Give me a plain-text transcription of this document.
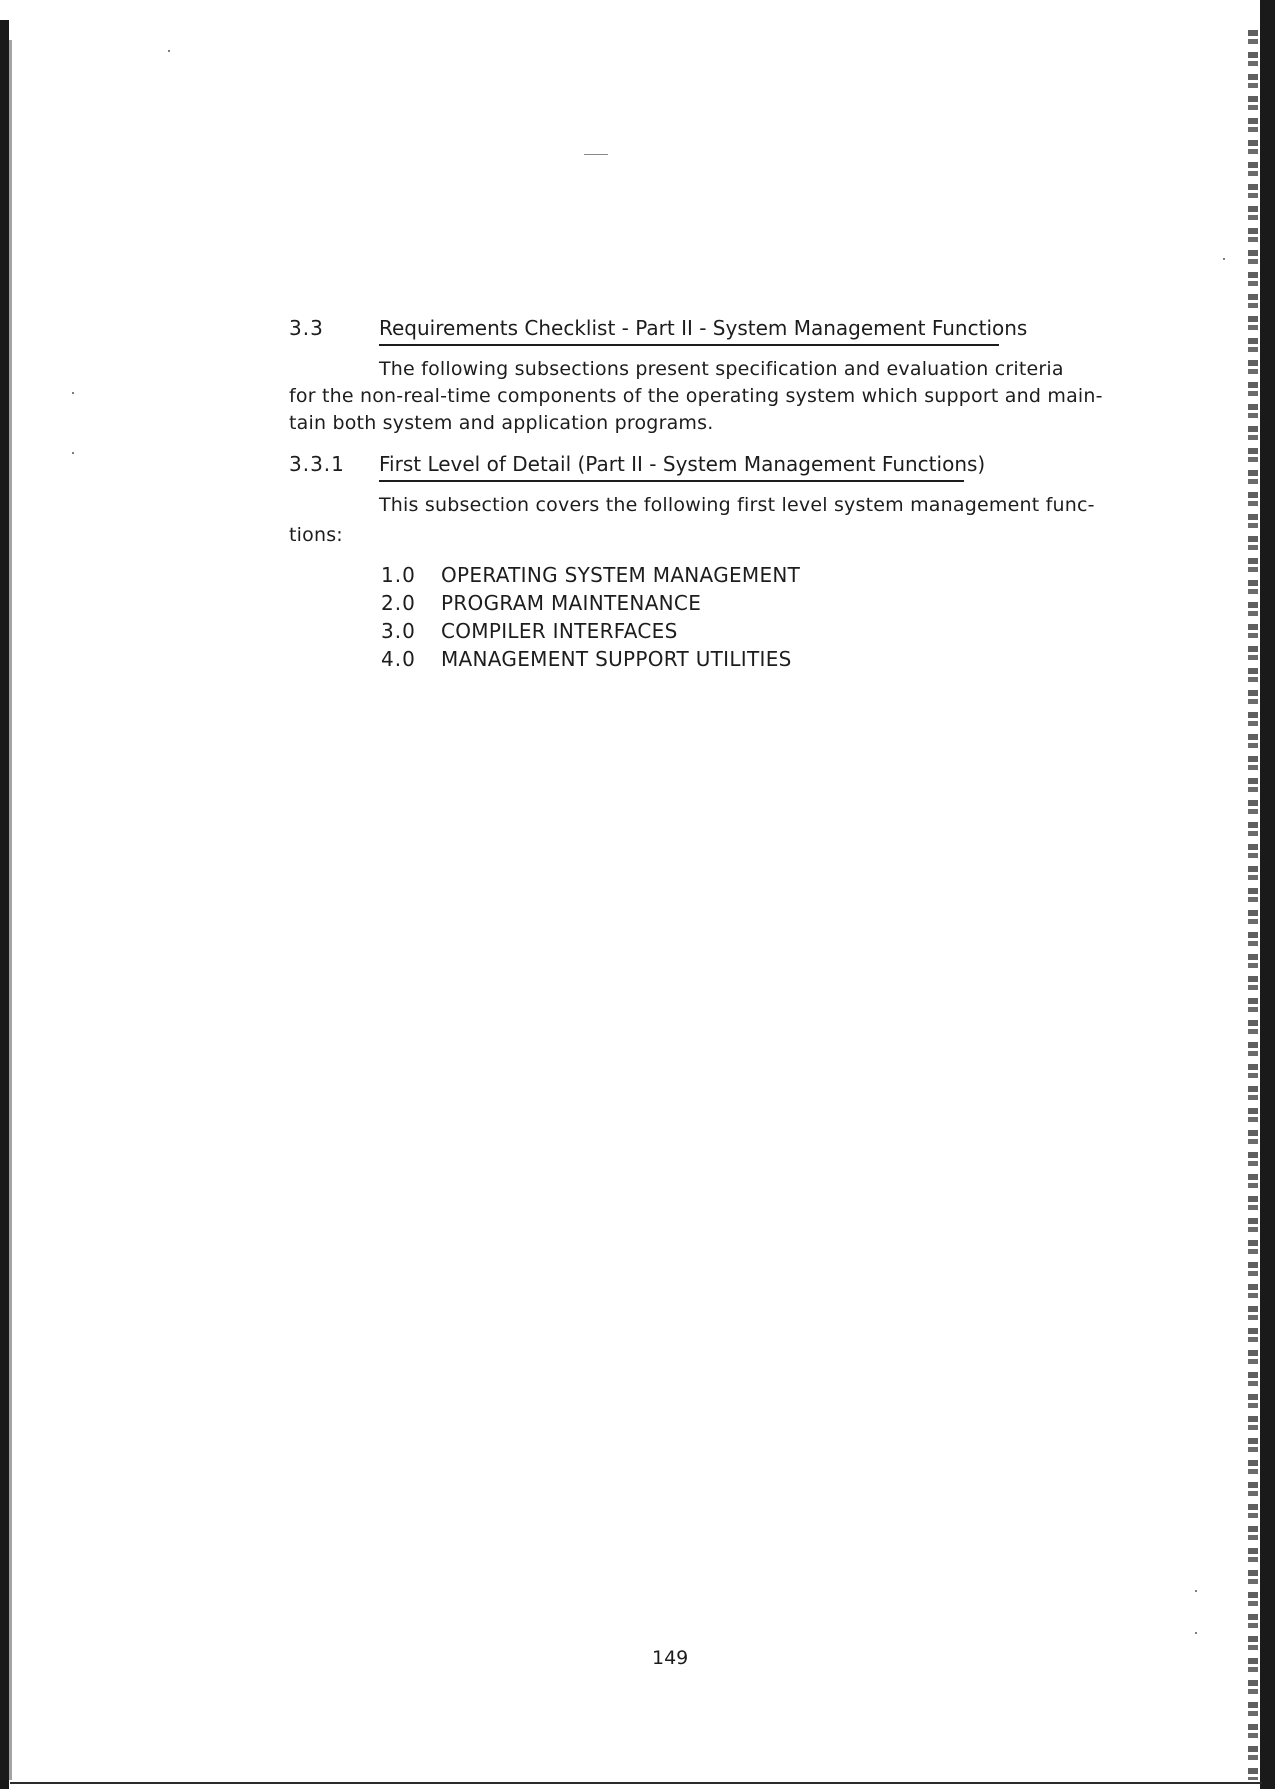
3.3	Requirements Checklist - Part II - System Management Functions
The following subsections present specification and evaluation criteria
for the non-real-time components of the operating system which support and main-
tain both system and application programs.
3.3.1 First Level of Detail (Part II - System Management Functions)
This subsection covers the following first level system management func-
tions:
1.0 OPERATING SYSTEM MANAGEMENT
2.0 PROGRAM MAINTENANCE
3.0 COMPILER INTERFACES
4.0 MANAGEMENT SUPPORT UTILITIES
149
